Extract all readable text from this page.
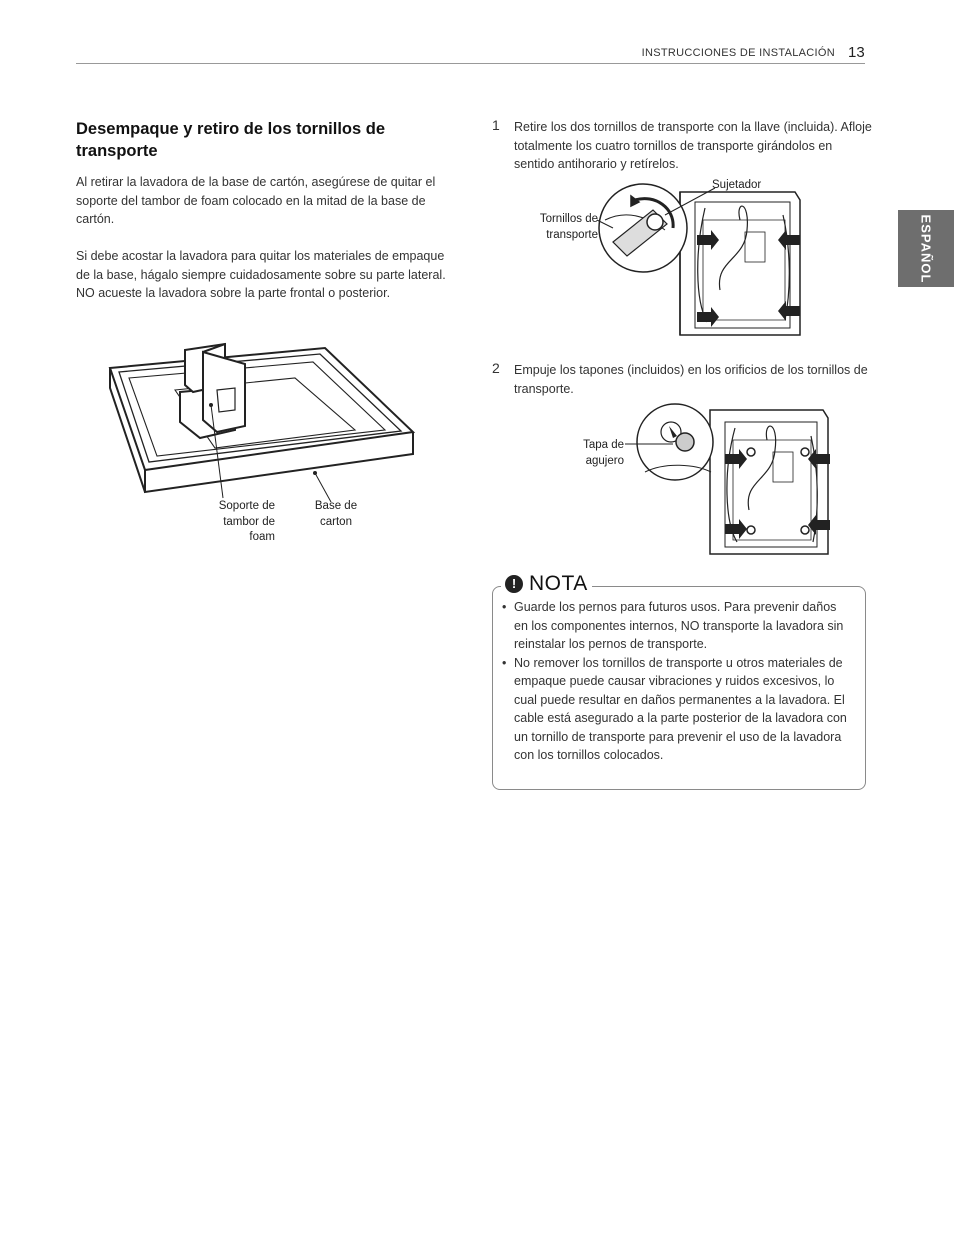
INSTRUCCIONES DE INSTALACIÓN 13
ESPAÑOL
Desempaque y retiro de los tornillos de transporte
Al retirar la lavadora de la base de cartón, asegúrese de quitar el soporte del tambor de foam colocado en la mitad de la base de cartón.
Si debe acostar la lavadora para quitar los materiales de empaque de la base, hágalo siempre cuidadosamente sobre su parte lateral. NO acueste la lavadora sobre la parte frontal o posterior.
Soporte de tambor de foam
Base de carton
1 Retire los dos tornillos de transporte con la llave (incluida). Afloje totalmente los cuatro tornillos de transporte girándolos en sentido antihorario y retírelos.
Sujetador
Tornillos de transporte
2 Empuje los tapones (incluidos) en los orificios de los tornillos de transporte.
Tapa de agujero
! NOTA
• Guarde los pernos para futuros usos. Para prevenir daños en los componentes internos, NO transporte la lavadora sin reinstalar los pernos de transporte.
• No remover los tornillos de transporte u otros materiales de empaque puede causar vibraciones y ruidos excesivos, lo cual puede resultar en daños permanentes a la lavadora. El cable está asegurado a la parte posterior de la lavadora con un tornillo de transporte para prevenir el uso de la lavadora con los tornillos colocados.
